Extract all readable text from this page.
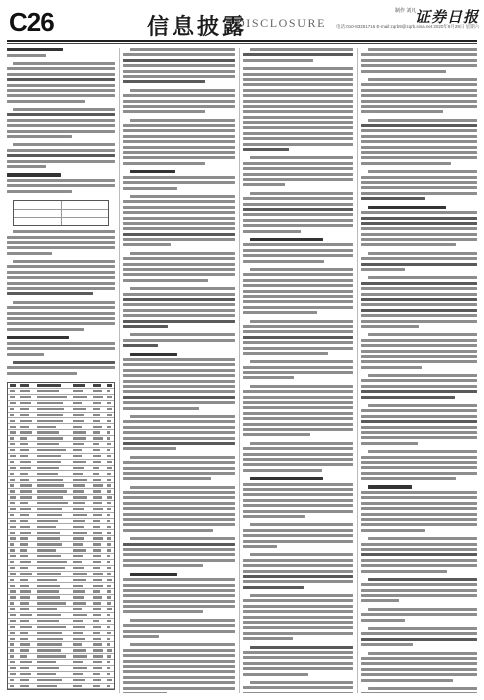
C26	信息披露
DISCLOSURE
制作 刘凡
证券日报
电话:010-83251716 E-mail:zqrb9@zqrb.sina.net 2020年8月29日 星期六
